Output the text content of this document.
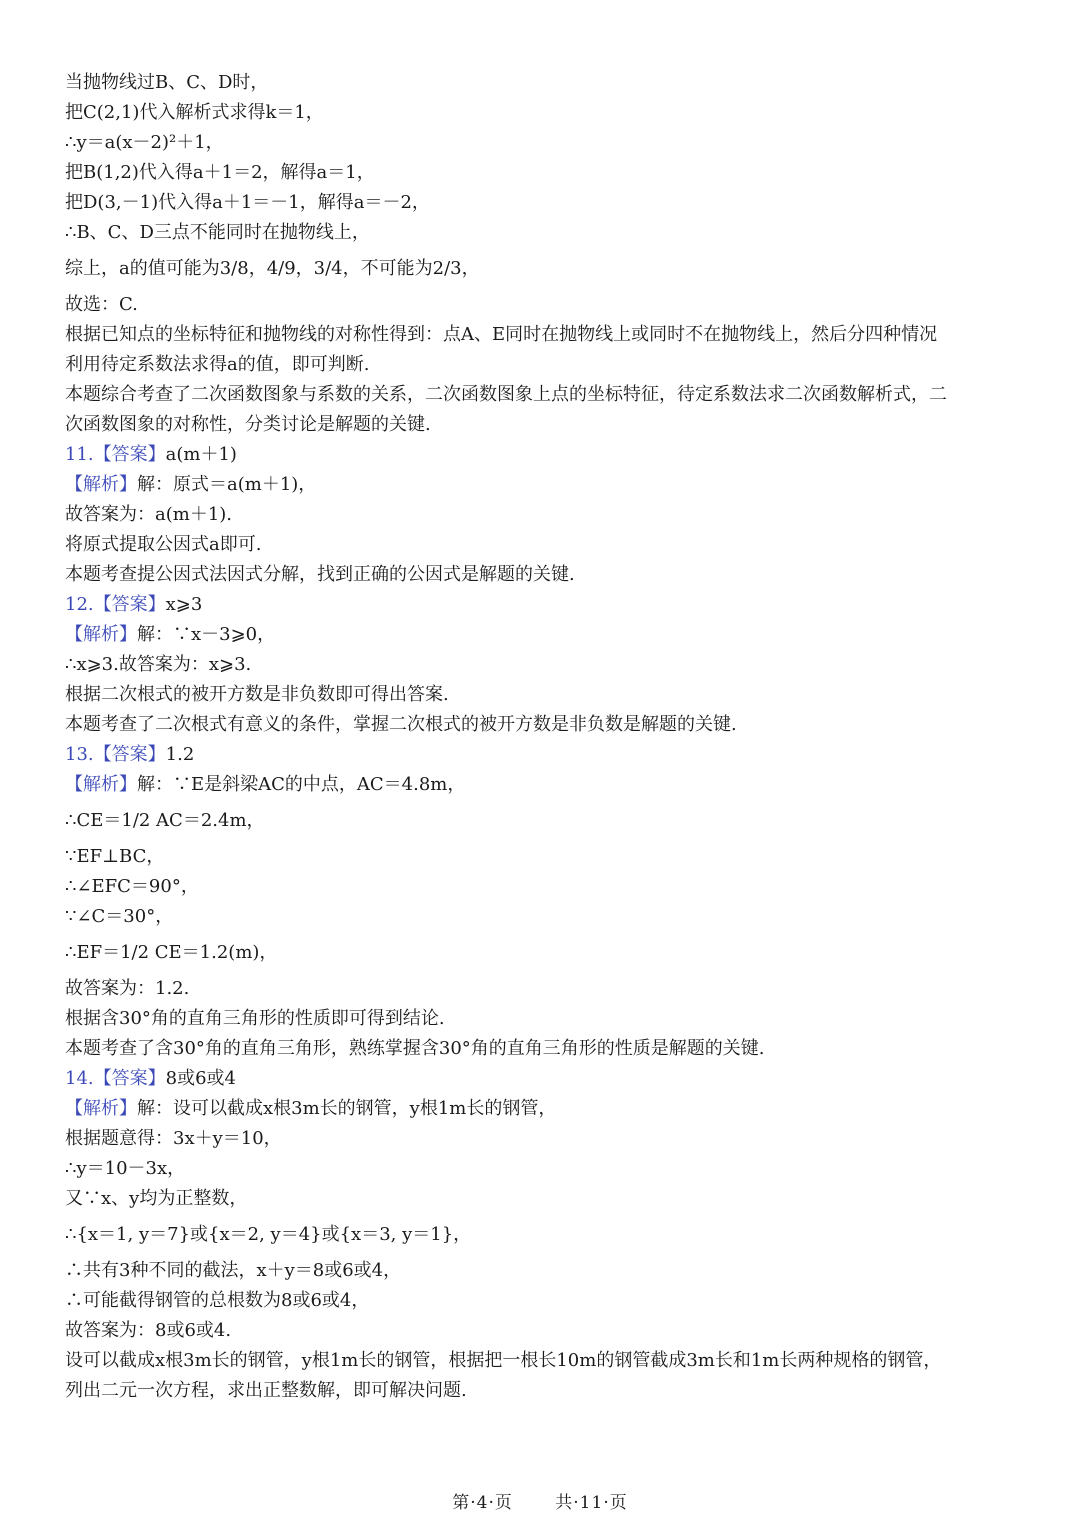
当抛物线过B、C、D时，
把C(2,1)代入解析式求得k＝1，
∴y＝a(x－2)²＋1，
把B(1,2)代入得a＋1＝2，解得a＝1，
把D(3,－1)代入得a＋1＝－1，解得a＝－2，
∴B、C、D三点不能同时在抛物线上，
综上，a的值可能为3/8，4/9，3/4，不可能为2/3，
故选：C.
根据已知点的坐标特征和抛物线的对称性得到：点A、E同时在抛物线上或同时不在抛物线上，然后分四种情况
利用待定系数法求得a的值，即可判断.
本题综合考查了二次函数图象与系数的关系，二次函数图象上点的坐标特征，待定系数法求二次函数解析式，二
次函数图象的对称性，分类讨论是解题的关键.
11.【答案】a(m＋1)
【解析】解：原式＝a(m＋1)，
故答案为：a(m＋1).
将原式提取公因式a即可.
本题考查提公因式法因式分解，找到正确的公因式是解题的关键.
12.【答案】x⩾3
【解析】解：∵x－3⩾0，
∴x⩾3.故答案为：x⩾3.
根据二次根式的被开方数是非负数即可得出答案.
本题考查了二次根式有意义的条件，掌握二次根式的被开方数是非负数是解题的关键.
13.【答案】1.2
【解析】解：∵E是斜梁AC的中点，AC＝4.8m，
∴CE＝1/2 AC＝2.4m，
∵EF⊥BC，
∴∠EFC＝90°，
∵∠C＝30°，
∴EF＝1/2 CE＝1.2(m)，
故答案为：1.2.
根据含30°角的直角三角形的性质即可得到结论.
本题考查了含30°角的直角三角形，熟练掌握含30°角的直角三角形的性质是解题的关键.
14.【答案】8或6或4
【解析】解：设可以截成x根3m长的钢管，y根1m长的钢管，
根据题意得：3x＋y＝10，
∴y＝10－3x，
又∵x、y均为正整数，
∴{x＝1, y＝7}或{x＝2, y＝4}或{x＝3, y＝1}，
∴共有3种不同的截法，x＋y＝8或6或4，
∴可能截得钢管的总根数为8或6或4，
故答案为：8或6或4.
设可以截成x根3m长的钢管，y根1m长的钢管，根据把一根长10m的钢管截成3m长和1m长两种规格的钢管，
列出二元一次方程，求出正整数解，即可解决问题.
第·4·页 共·11·页
